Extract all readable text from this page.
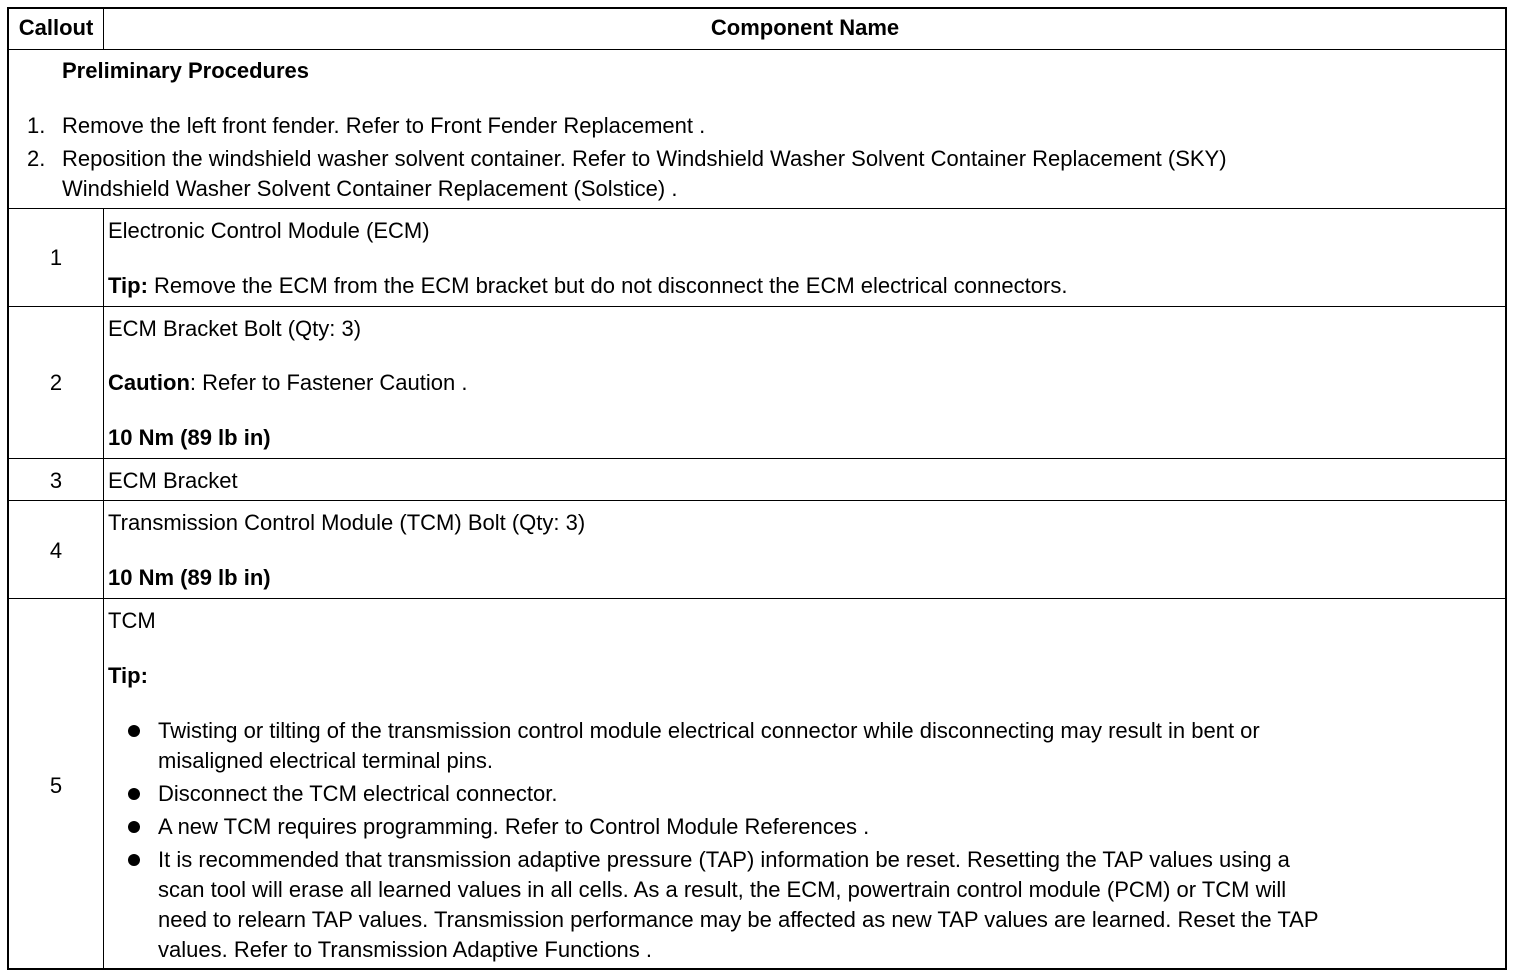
Callout	Component Name
Preliminary Procedures
1. Remove the left front fender. Refer to Front Fender Replacement .
2. Reposition the windshield washer solvent container. Refer to Windshield Washer Solvent Container Replacement (SKY)
Windshield Washer Solvent Container Replacement (Solstice) .
1
Electronic Control Module (ECM)
Tip: Remove the ECM from the ECM bracket but do not disconnect the ECM electrical connectors.
2
ECM Bracket Bolt (Qty: 3)
Caution: Refer to Fastener Caution .
10 Nm (89 lb in)
3	ECM Bracket
4
Transmission Control Module (TCM) Bolt (Qty: 3)
10 Nm (89 lb in)
5
TCM
Tip:
Twisting or tilting of the transmission control module electrical connector while disconnecting may result in bent or
misaligned electrical terminal pins.
Disconnect the TCM electrical connector.
A new TCM requires programming. Refer to Control Module References .
It is recommended that transmission adaptive pressure (TAP) information be reset. Resetting the TAP values using a
scan tool will erase all learned values in all cells. As a result, the ECM, powertrain control module (PCM) or TCM will
need to relearn TAP values. Transmission performance may be affected as new TAP values are learned. Reset the TAP
values. Refer to Transmission Adaptive Functions .
